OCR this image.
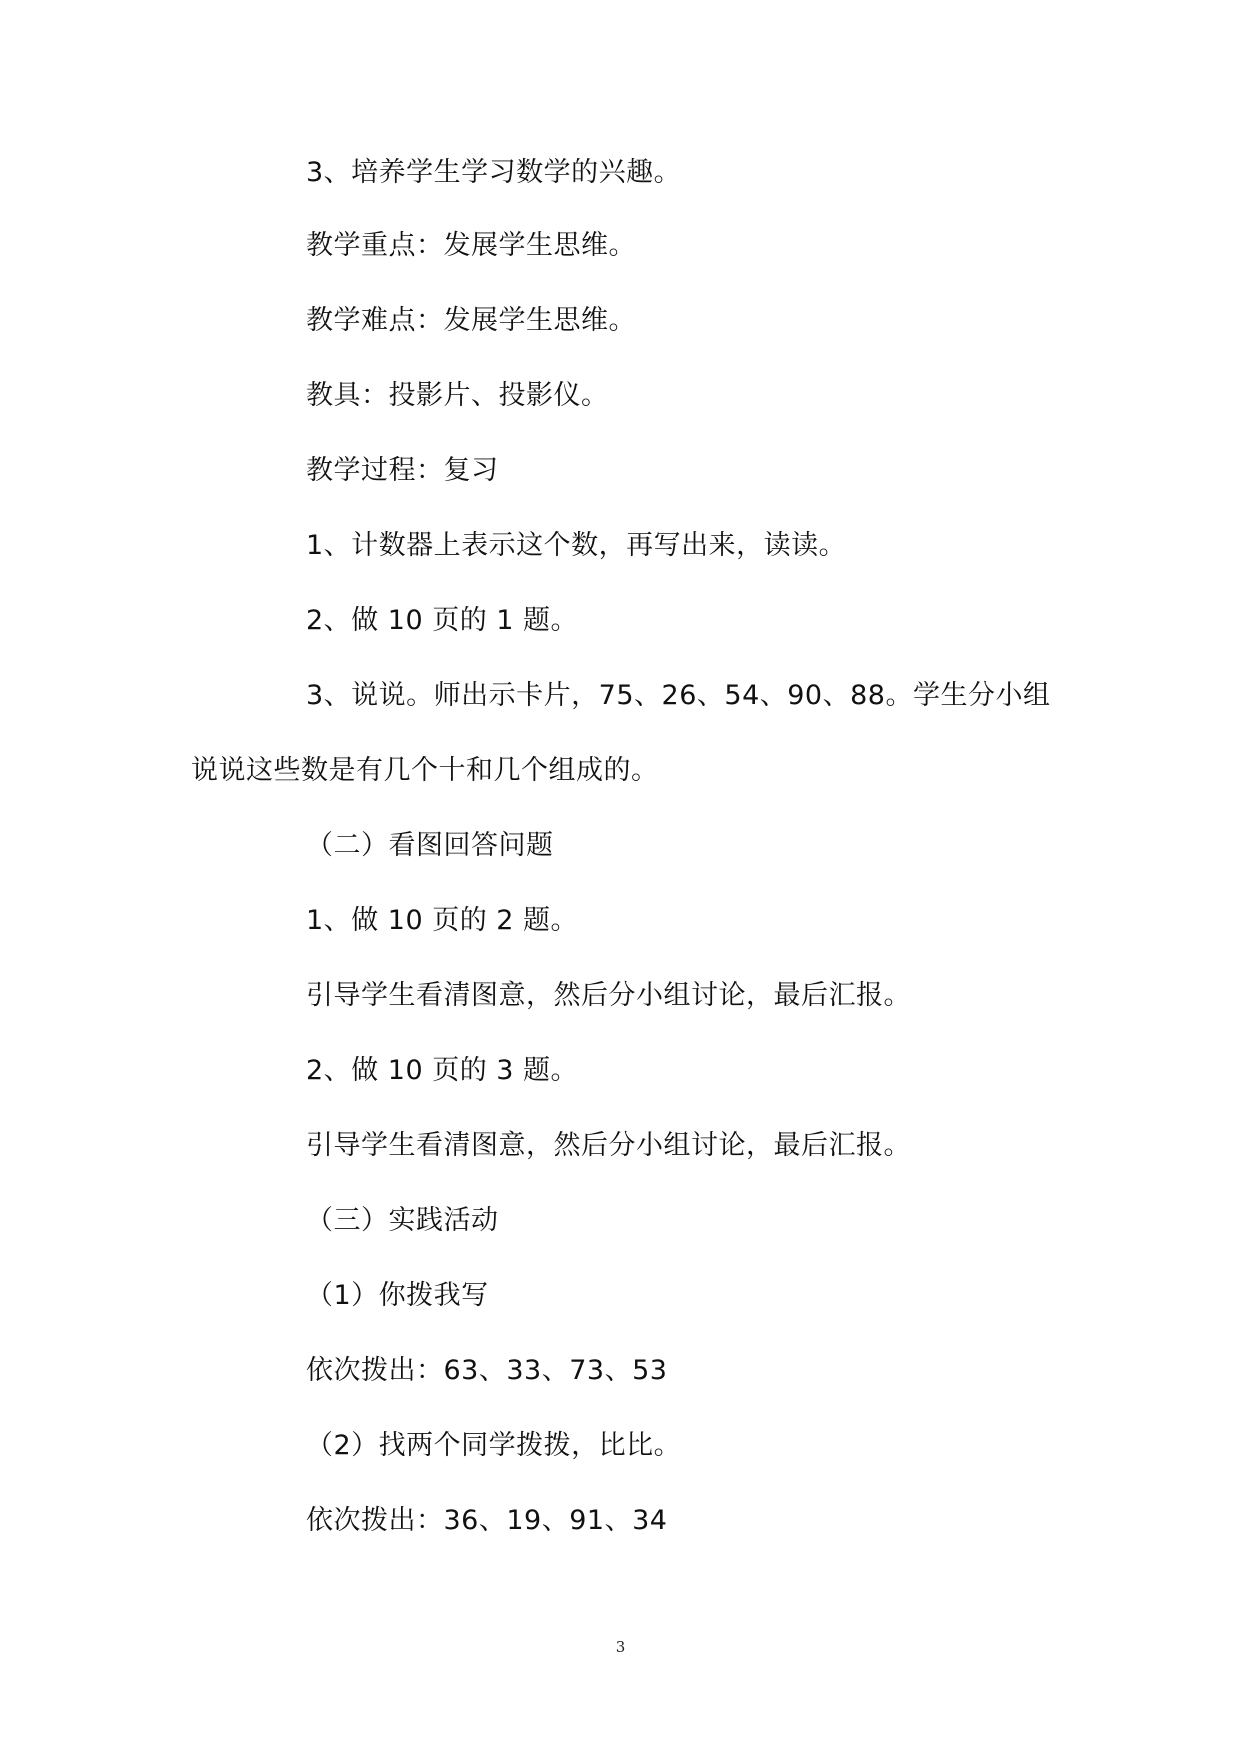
3、培养学生学习数学的兴趣。
教学重点：发展学生思维。
教学难点：发展学生思维。
教具：投影片、投影仪。
教学过程：复习
1、计数器上表示这个数，再写出来，读读。
2、做 10 页的 1 题。
3、说说。师出示卡片，75、26、54、90、88。学生分小组
说说这些数是有几个十和几个组成的。
（二）看图回答问题
1、做 10 页的 2 题。
引导学生看清图意，然后分小组讨论，最后汇报。
2、做 10 页的 3 题。
引导学生看清图意，然后分小组讨论，最后汇报。
（三）实践活动
（1）你拨我写
依次拨出：63、33、73、53
（2）找两个同学拨拨，比比。
依次拨出：36、19、91、34
3
